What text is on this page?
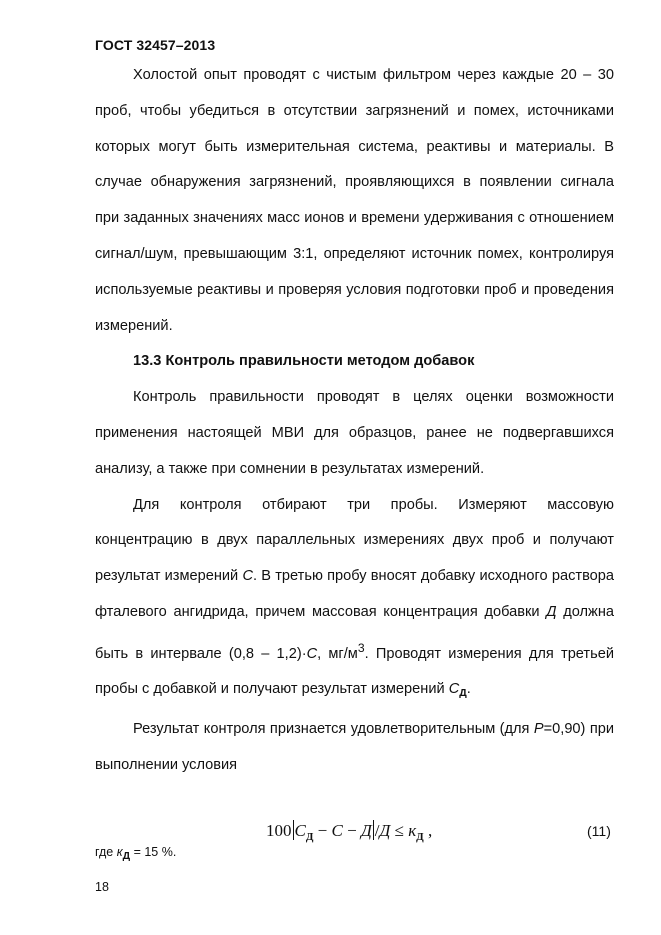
ГОСТ 32457–2013

Холостой опыт проводят с чистым фильтром через каждые 20 – 30 проб, чтобы убедиться в отсутствии загрязнений и помех, источниками которых могут быть измерительная система, реактивы и материалы. В случае обнаружения загрязнений, проявляющихся в появлении сигнала при заданных значениях масс ионов и времени удерживания с отношением сигнал/шум, превышающим 3:1, определяют источник помех, контролируя используемые реактивы и проверяя условия подготовки проб и проведения измерений.

13.3 Контроль правильности методом добавок

Контроль правильности проводят в целях оценки возможности применения настоящей МВИ для образцов, ранее не подвергавшихся анализу, а также при сомнении в результатах измерений.

Для контроля отбирают три пробы. Измеряют массовую концентрацию в двух параллельных измерениях двух проб и получают результат измерений С. В третью пробу вносят добавку исходного раствора фталевого ангидрида, причем массовая концентрация добавки Д должна быть в интервале (0,8 – 1,2)·С, $мг/м^3$. Проводят измерения для третьей пробы с добавкой и получают результат измерений $С_Д$.

Результат контроля признается удовлетворительным (для Р=0,90) при выполнении условия

100 $С_Д - С - Д$ $/Д \le к_Д$ ,	(11)
где $к_Д = 15$ %.
18
